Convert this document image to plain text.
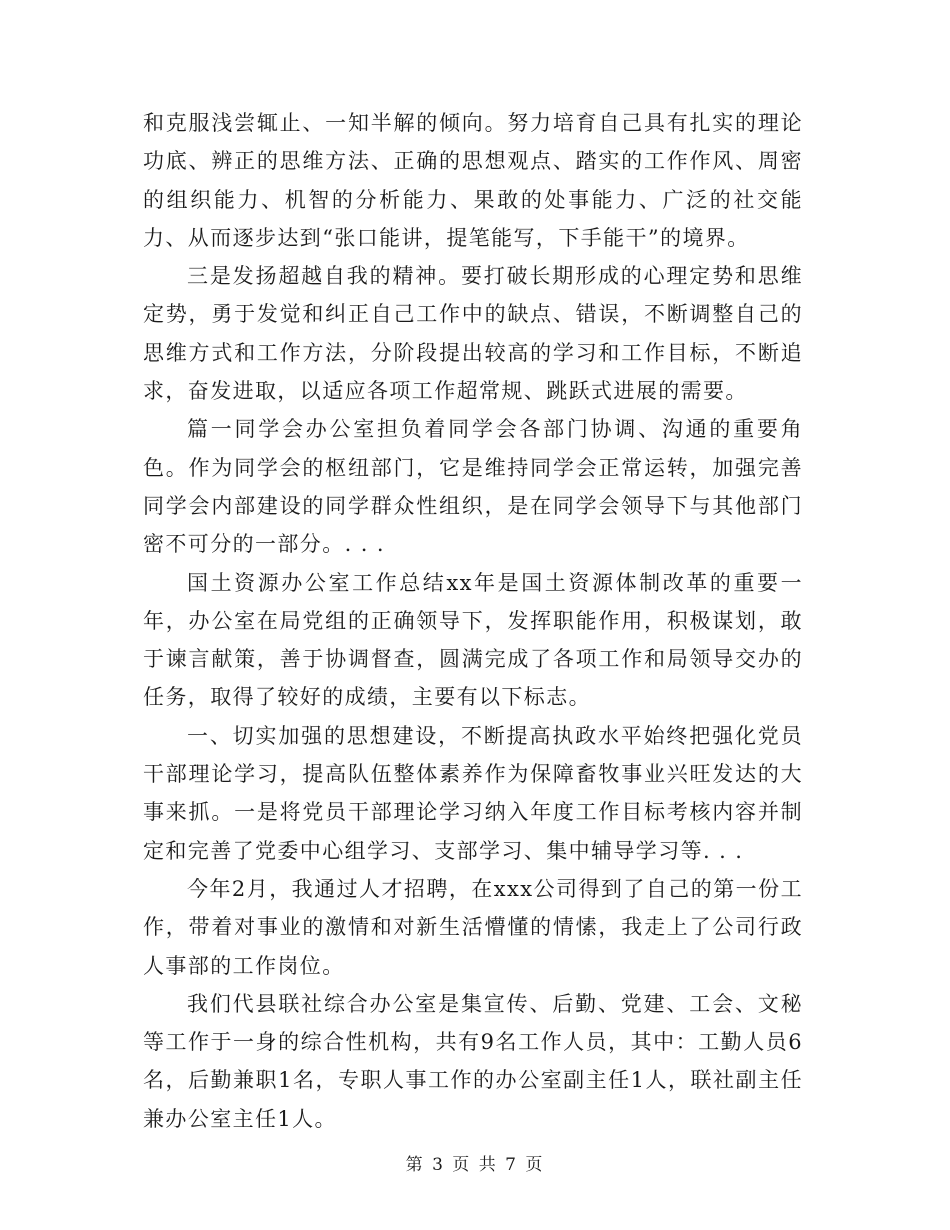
和克服浅尝辄止、一知半解的倾向。努力培育自己具有扎实的理论功底、辨正的思维方法、正确的思想观点、踏实的工作作风、周密的组织能力、机智的分析能力、果敢的处事能力、广泛的社交能力、从而逐步达到“张口能讲，提笔能写，下手能干”的境界。

三是发扬超越自我的精神。要打破长期形成的心理定势和思维定势，勇于发觉和纠正自己工作中的缺点、错误，不断调整自己的思维方式和工作方法，分阶段提出较高的学习和工作目标，不断追求，奋发进取，以适应各项工作超常规、跳跃式进展的需要。

篇一同学会办公室担负着同学会各部门协调、沟通的重要角色。作为同学会的枢纽部门，它是维持同学会正常运转，加强完善同学会内部建设的同学群众性组织，是在同学会领导下与其他部门密不可分的一部分。. . .

国土资源办公室工作总结xx年是国土资源体制改革的重要一年，办公室在局党组的正确领导下，发挥职能作用，积极谋划，敢于谏言献策，善于协调督查，圆满完成了各项工作和局领导交办的任务，取得了较好的成绩，主要有以下标志。

一、切实加强的思想建设，不断提高执政水平始终把强化党员干部理论学习，提高队伍整体素养作为保障畜牧事业兴旺发达的大事来抓。一是将党员干部理论学习纳入年度工作目标考核内容并制定和完善了党委中心组学习、支部学习、集中辅导学习等. . .

今年2月，我通过人才招聘，在xxx公司得到了自己的第一份工作，带着对事业的激情和对新生活懵懂的情愫，我走上了公司行政人事部的工作岗位。

我们代县联社综合办公室是集宣传、后勤、党建、工会、文秘等工作于一身的综合性机构，共有9名工作人员，其中：工勤人员6名，后勤兼职1名，专职人事工作的办公室副主任1人，联社副主任兼办公室主任1人。

第 3 页 共 7 页
